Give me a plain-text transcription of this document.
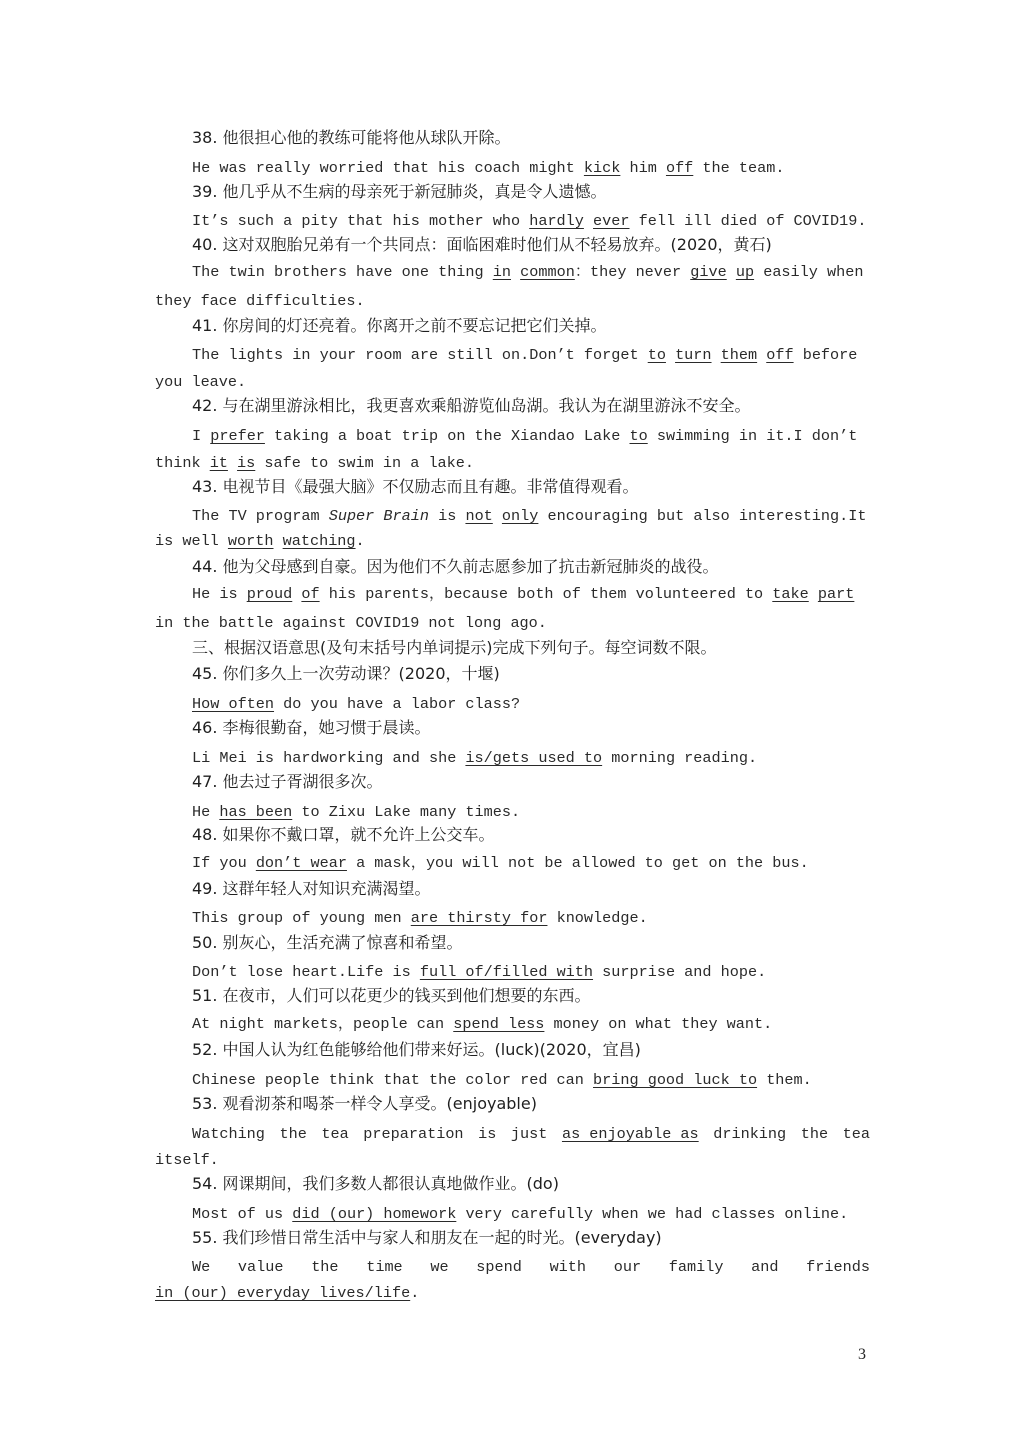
38. 他很担心他的教练可能将他从球队开除。
He was really worried that his coach might kick him off the team.
39. 他几乎从不生病的母亲死于新冠肺炎，真是令人遗憾。
It’s such a pity that his mother who hardly ever fell ill died of COVID19.
40. 这对双胞胎兄弟有一个共同点：面临困难时他们从不轻易放弃。(2020，黄石)
The twin brothers have one thing in common：they never give up easily when
they face difficulties.
41. 你房间的灯还亮着。你离开之前不要忘记把它们关掉。
The lights in your room are still on.Don’t forget to turn them off before
you leave.
42. 与在湖里游泳相比，我更喜欢乘船游览仙岛湖。我认为在湖里游泳不安全。
I prefer taking a boat trip on the Xiandao Lake to swimming in it.I don’t
think it is safe to swim in a lake.
43. 电视节目《最强大脑》不仅励志而且有趣。非常值得观看。
The TV program Super Brain is not only encouraging but also interesting.It
is well worth watching.
44. 他为父母感到自豪。因为他们不久前志愿参加了抗击新冠肺炎的战役。
He is proud of his parents，because both of them volunteered to take part
in the battle against COVID19 not long ago.
三、根据汉语意思(及句末括号内单词提示)完成下列句子。每空词数不限。
45. 你们多久上一次劳动课？(2020，十堰)
How often do you have a labor class?
46. 李梅很勤奋，她习惯于晨读。
Li Mei is hardworking and she is/gets used to morning reading.
47. 他去过子胥湖很多次。
He has been to Zixu Lake many times.
48. 如果你不戴口罩，就不允许上公交车。
If you don’t wear a mask，you will not be allowed to get on the bus.
49. 这群年轻人对知识充满渴望。
This group of young men are thirsty for knowledge.
50. 别灰心，生活充满了惊喜和希望。
Don’t lose heart.Life is full of/filled with surprise and hope.
51. 在夜市，人们可以花更少的钱买到他们想要的东西。
At night markets，people can spend less money on what they want.
52. 中国人认为红色能够给他们带来好运。(luck)(2020，宜昌)
Chinese people think that the color red can bring good luck to them.
53. 观看沏茶和喝茶一样令人享受。(enjoyable)
Watching the tea preparation is just as enjoyable as drinking the tea
itself.
54. 网课期间，我们多数人都很认真地做作业。(do)
Most of us did (our) homework very carefully when we had classes online.
55. 我们珍惜日常生活中与家人和朋友在一起的时光。(everyday)
We value the time we spend with our family and friends
in (our) everyday lives/life.
3
